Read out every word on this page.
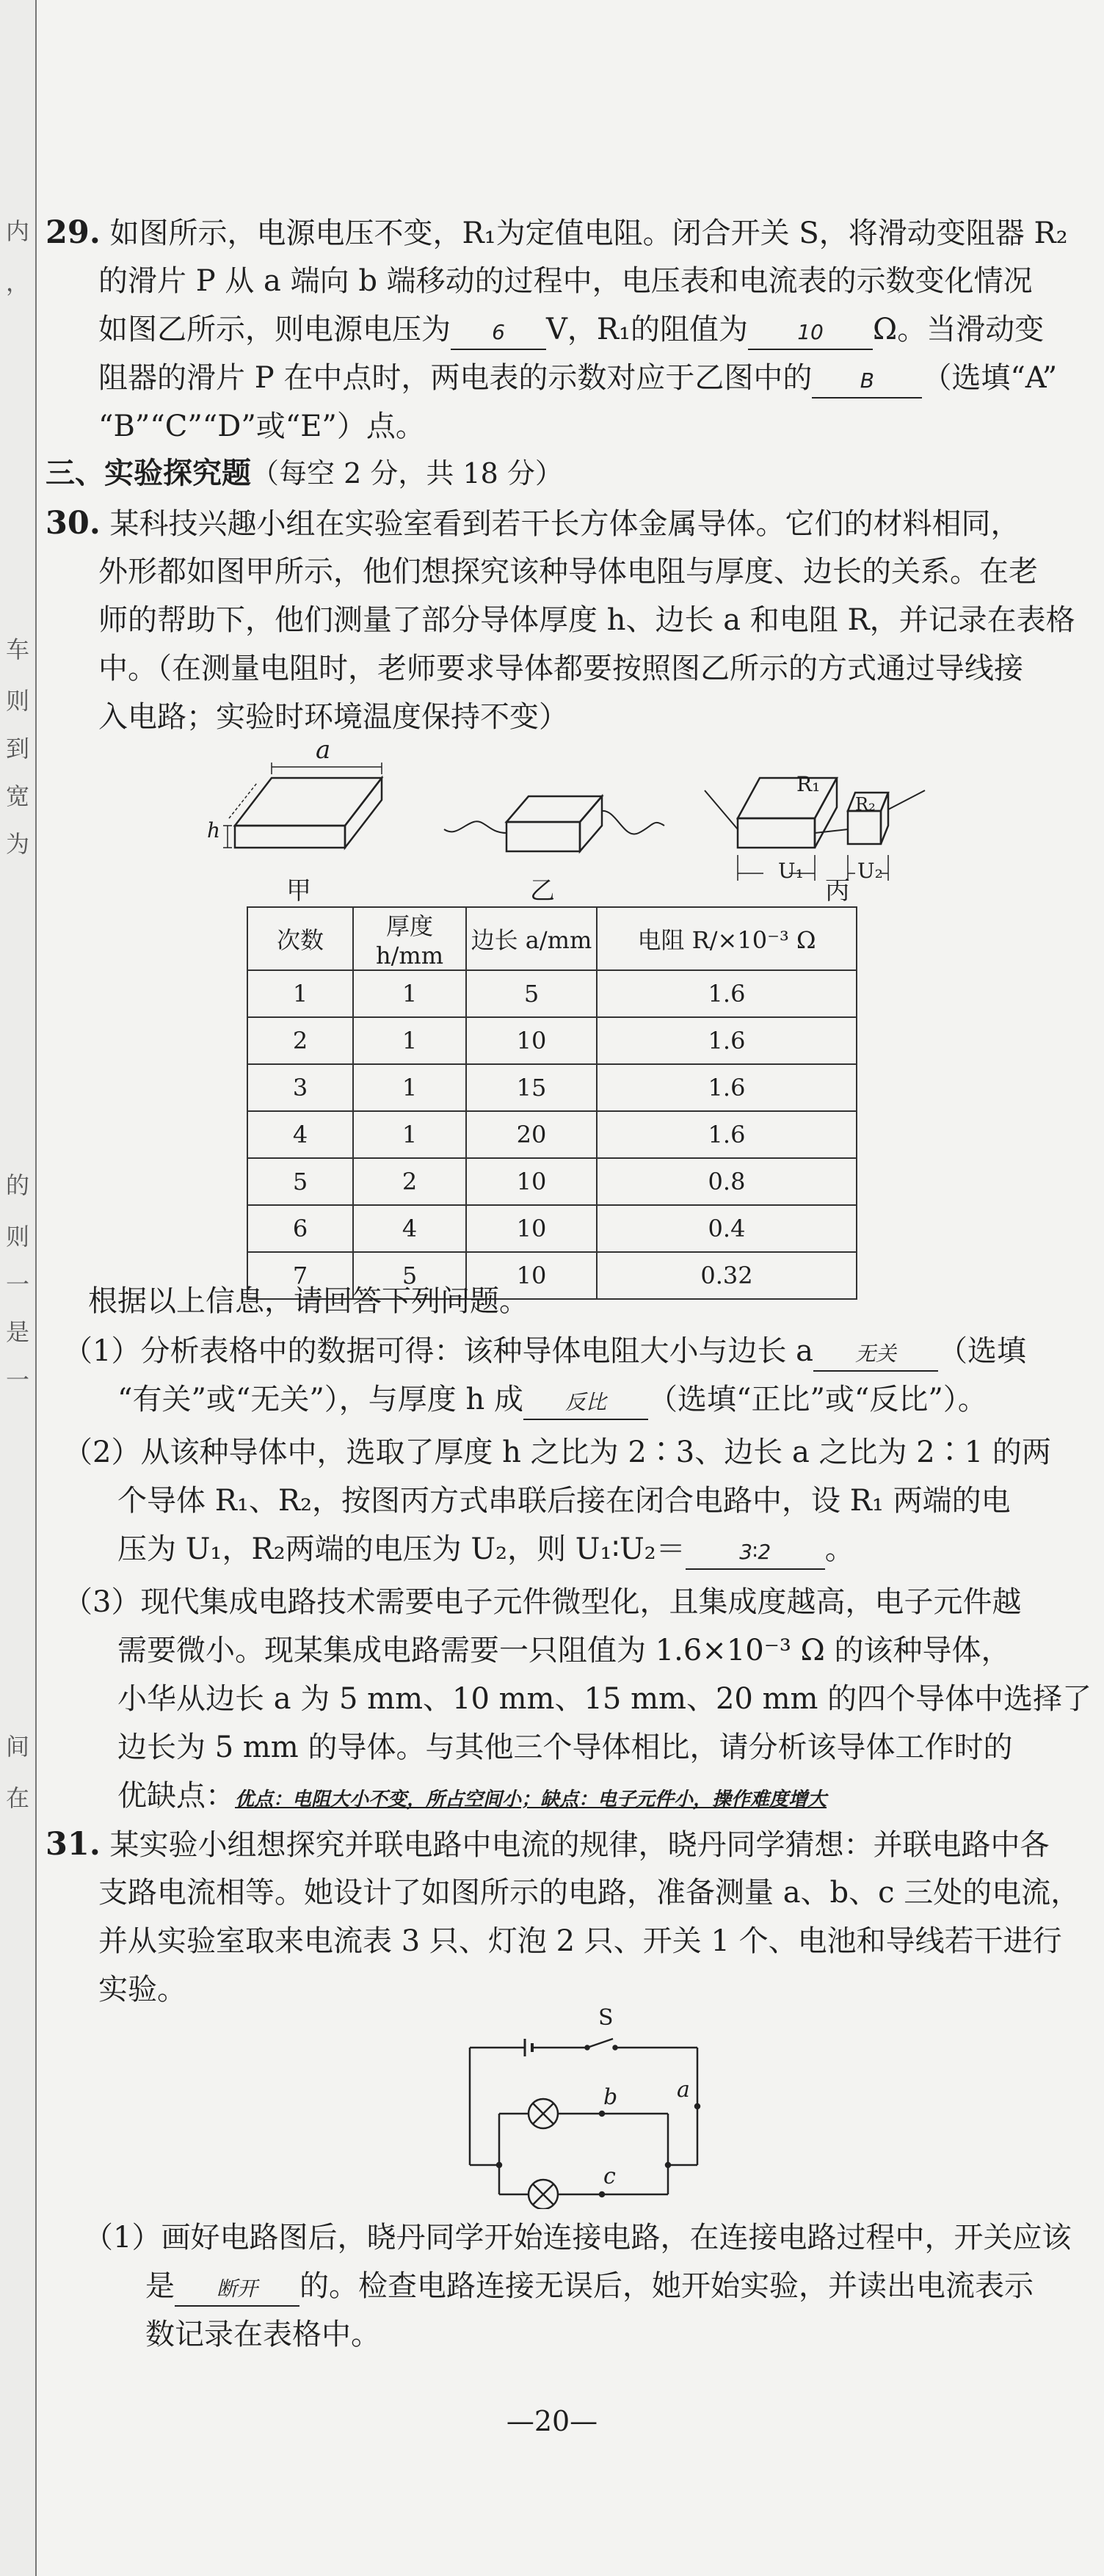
内
，
车
则
到
宽
为
的
则
一
是
一
间
在
29. 如图所示，电源电压不变，R₁为定值电阻。闭合开关 S，将滑动变阻器 R₂
的滑片 P 从 a 端向 b 端移动的过程中，电压表和电流表的示数变化情况
如图乙所示，则电源电压为 6 V，R₁的阻值为 10 Ω。当滑动变
阻器的滑片 P 在中点时，两电表的示数对应于乙图中的 B （选填“A”
“B”“C”“D”或“E”）点。
三、实验探究题（每空 2 分，共 18 分）
30. 某科技兴趣小组在实验室看到若干长方体金属导体。它们的材料相同，
外形都如图甲所示，他们想探究该种导体电阻与厚度、边长的关系。在老
师的帮助下，他们测量了部分导体厚度 h、边长 a 和电阻 R，并记录在表格
中。（在测量电阻时，老师要求导体都要按照图乙所示的方式通过导线接
入电路；实验时环境温度保持不变）
a
h
R₁
R₂
U₁	U₂
甲	乙	丙
次数	厚度 h/mm	边长 a/mm	电阻 R/×10⁻³ Ω
1	1	5	1.6
2	1	10	1.6
3	1	15	1.6
4	1	20	1.6
5	2	10	0.8
6	4	10	0.4
7	5	10	0.32
根据以上信息，请回答下列问题。
（1）分析表格中的数据可得：该种导体电阻大小与边长 a 无关 （选填
“有关”或“无关”），与厚度 h 成 反比 （选填“正比”或“反比”）。
（2）从该种导体中，选取了厚度 h 之比为 2∶3、边长 a 之比为 2∶1 的两
个导体 R₁、R₂，按图丙方式串联后接在闭合电路中，设 R₁ 两端的电
压为 U₁，R₂两端的电压为 U₂，则 U₁∶U₂＝	3∶2 。
（3）现代集成电路技术需要电子元件微型化，且集成度越高，电子元件越
需要微小。现某集成电路需要一只阻值为 1.6×10⁻³ Ω 的该种导体，
小华从边长 a 为 5 mm、10 mm、15 mm、20 mm 的四个导体中选择了
边长为 5 mm 的导体。与其他三个导体相比，请分析该导体工作时的
优缺点：优点：电阻大小不变，所占空间小；缺点：电子元件小，操作难度增大
31. 某实验小组想探究并联电路中电流的规律，晓丹同学猜想：并联电路中各
支路电流相等。她设计了如图所示的电路，准备测量 a、b、c 三处的电流，
并从实验室取来电流表 3 只、灯泡 2 只、开关 1 个、电池和导线若干进行
实验。
S
a
b
c
（1）画好电路图后，晓丹同学开始连接电路，在连接电路过程中，开关应该
是 断开 的。检查电路连接无误后，她开始实验，并读出电流表示
数记录在表格中。
—20—
